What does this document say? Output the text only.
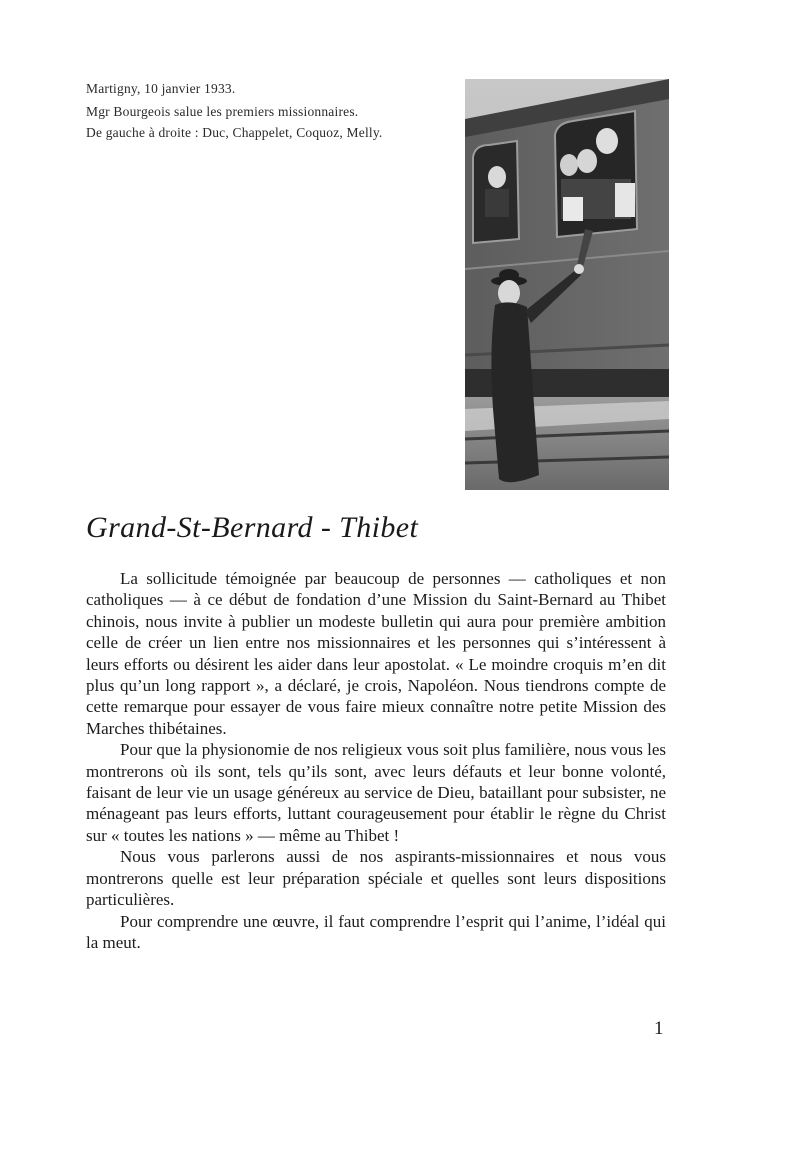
Martigny, 10 janvier 1933.

Mgr Bourgeois salue les premiers missionnaires.

De gauche à droite : Duc, Chappelet, Coquoz, Melly.

Grand-St-Bernard - Thibet

La sollicitude témoignée par beaucoup de personnes — catholiques et non catholiques — à ce début de fondation d’une Mission du Saint-Bernard au Thibet chinois, nous invite à publier un modeste bulletin qui aura pour première ambition celle de créer un lien entre nos missionnaires et les personnes qui s’intéressent à leurs efforts ou désirent les aider dans leur apostolat. « Le moindre croquis m’en dit plus qu’un long rapport », a déclaré, je crois, Napoléon. Nous tiendrons compte de cette remarque pour essayer de vous faire mieux connaître notre petite Mission des Marches thibétaines.

Pour que la physionomie de nos religieux vous soit plus familière, nous vous les montrerons où ils sont, tels qu’ils sont, avec leurs défauts et leur bonne volonté, faisant de leur vie un usage généreux au service de Dieu, bataillant pour subsister, ne ménageant pas leurs efforts, luttant courageusement pour établir le règne du Christ sur « toutes les nations » — même au Thibet !

Nous vous parlerons aussi de nos aspirants-missionnaires et nous vous montrerons quelle est leur préparation spéciale et quelles sont leurs dispositions particulières.

Pour comprendre une œuvre, il faut comprendre l’esprit qui l’anime, l’idéal qui la meut.

1
